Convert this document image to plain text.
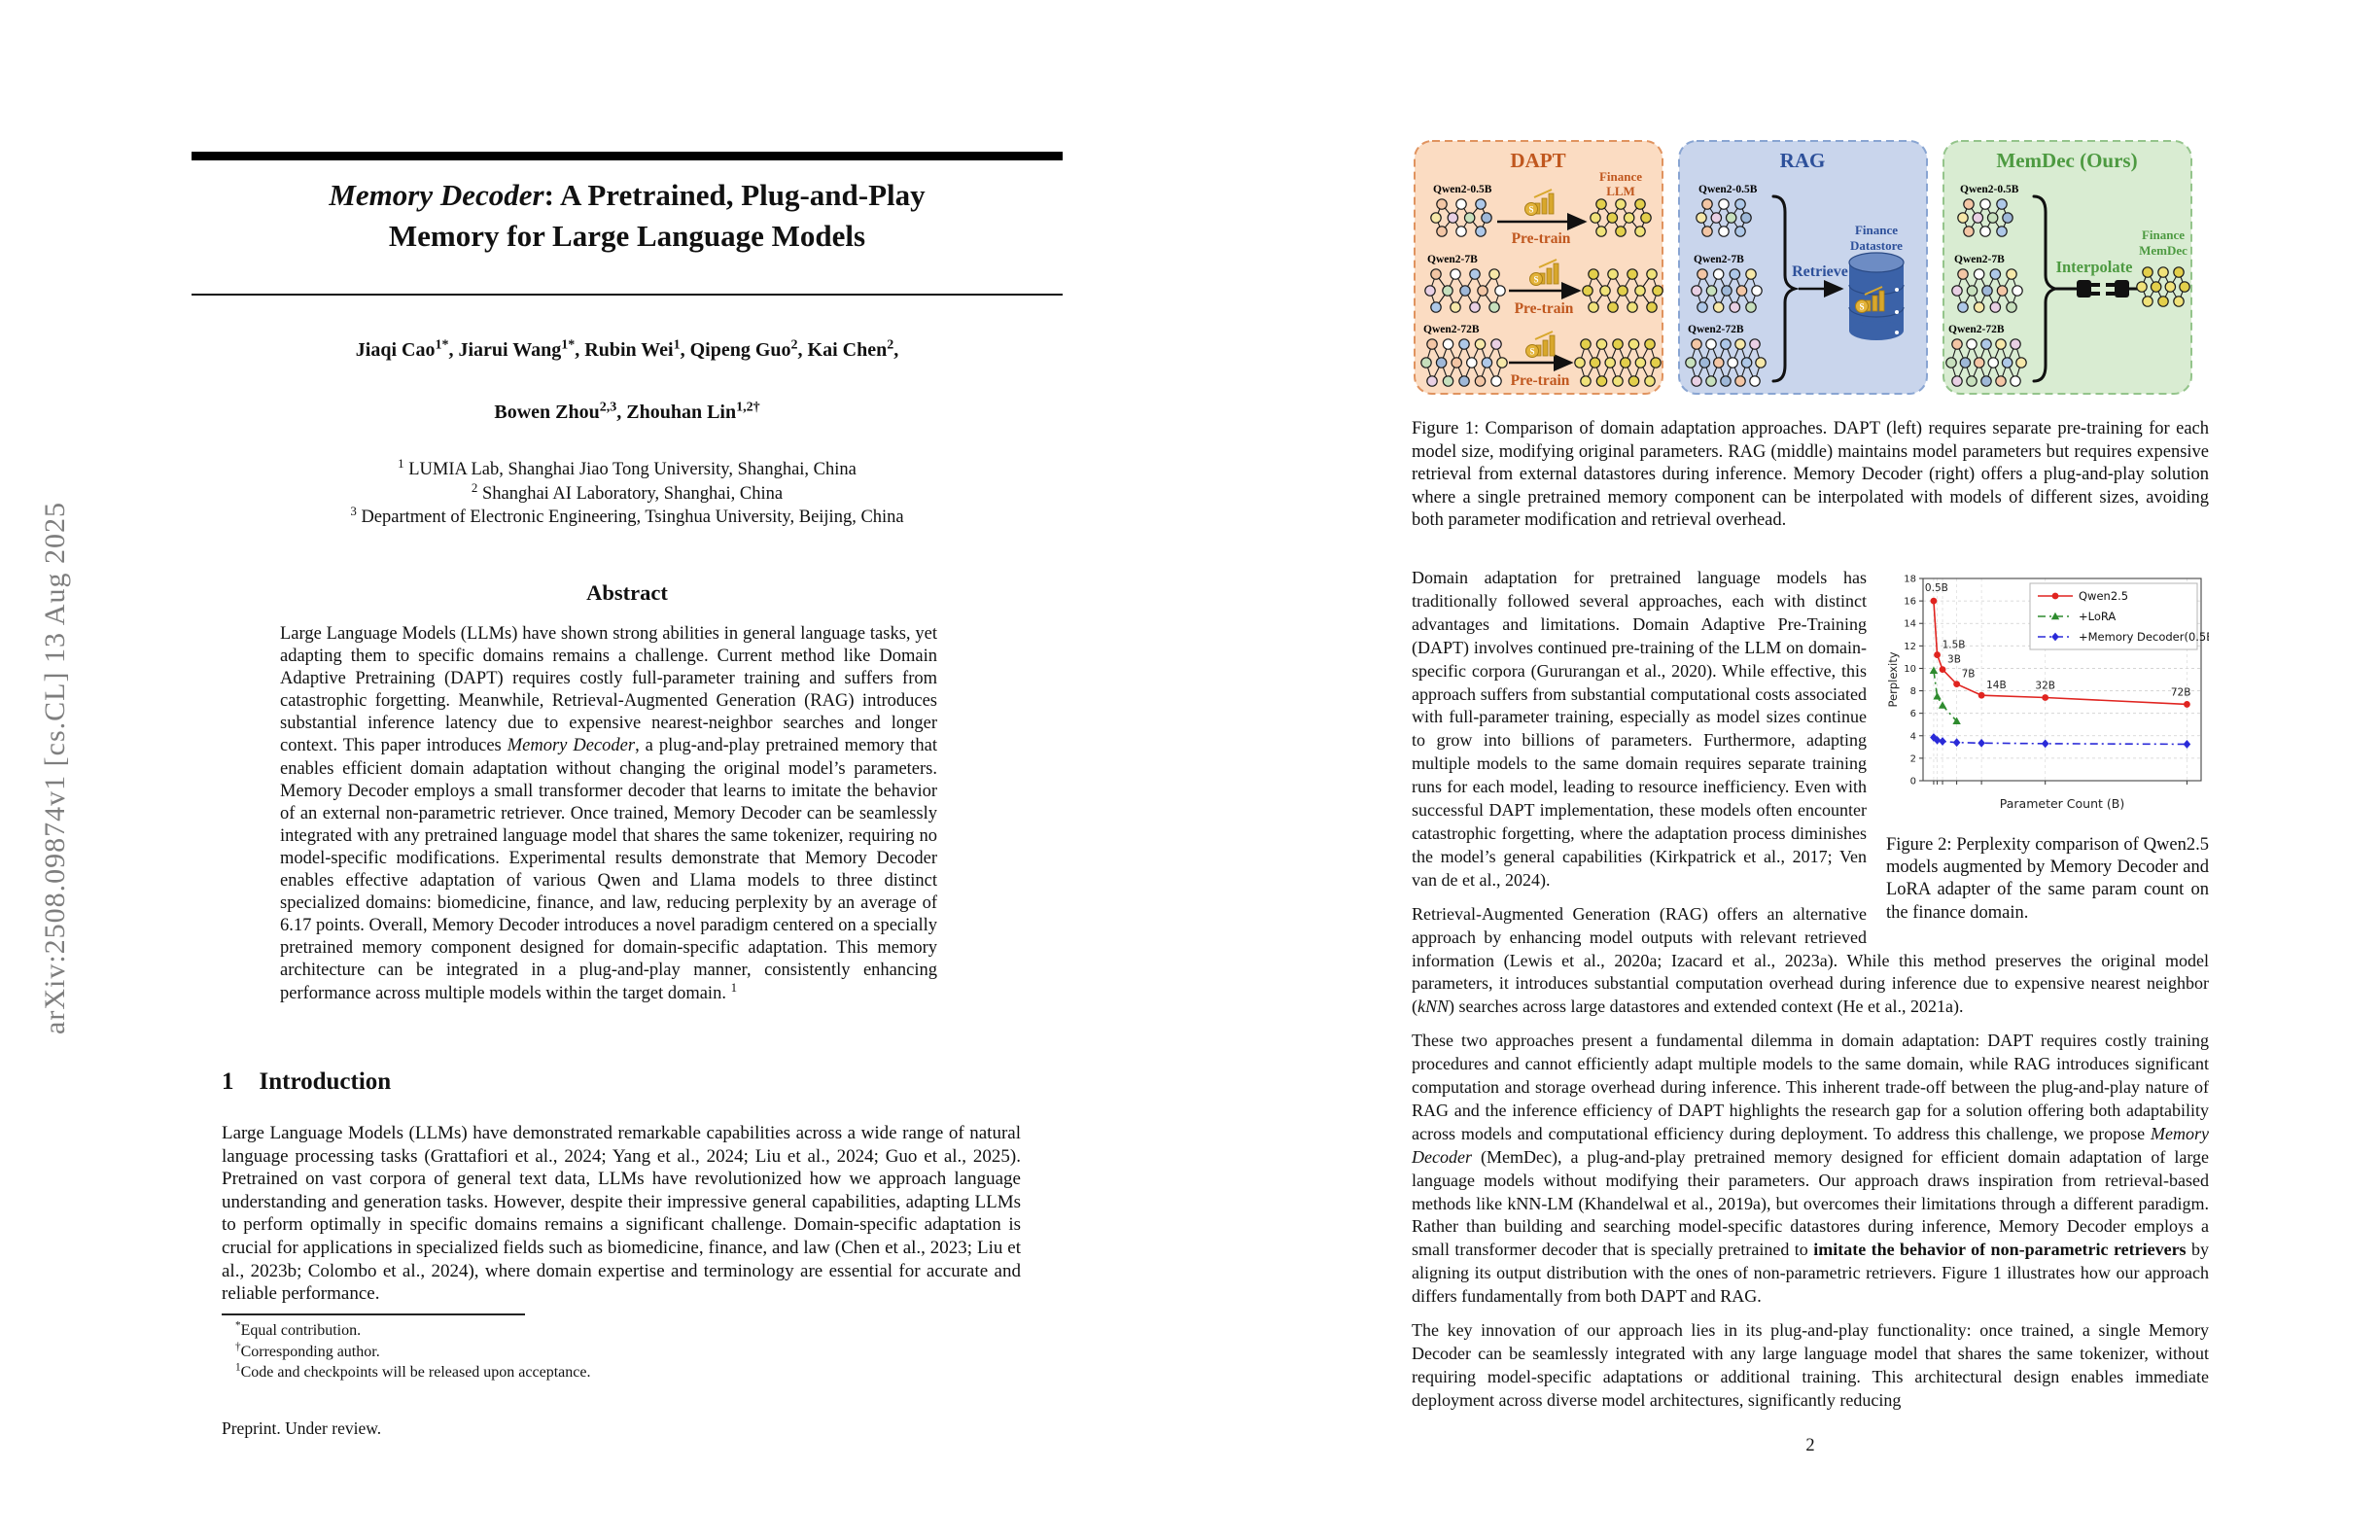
arXiv:2508.09874v1 [cs.CL] 13 Aug 2025
Memory Decoder: A Pretrained, Plug-and-Play
Memory for Large Language Models
Jiaqi Cao$^{1*}$, Jiarui Wang$^{1*}$, Rubin Wei$^1$, Qipeng Guo$^2$, Kai Chen$^2$,
Bowen Zhou$^{2,3}$, Zhouhan Lin$^{1,2\dagger}$
$^1$ LUMIA Lab, Shanghai Jiao Tong University, Shanghai, China
$^2$ Shanghai AI Laboratory, Shanghai, China
$^3$ Department of Electronic Engineering, Tsinghua University, Beijing, China
Abstract
Large Language Models (LLMs) have shown strong abilities in general language tasks, yet adapting them to specific domains remains a challenge. Current method like Domain Adaptive Pretraining (DAPT) requires costly full-parameter training and suffers from catastrophic forgetting. Meanwhile, Retrieval-Augmented Generation (RAG) introduces substantial inference latency due to expensive nearest-neighbor searches and longer context. This paper introduces Memory Decoder, a plug-and-play pretrained memory that enables efficient domain adaptation without changing the original model’s parameters. Memory Decoder employs a small transformer decoder that learns to imitate the behavior of an external non-parametric retriever. Once trained, Memory Decoder can be seamlessly integrated with any pretrained language model that shares the same tokenizer, requiring no model-specific modifications. Experimental results demonstrate that Memory Decoder enables effective adaptation of various Qwen and Llama models to three distinct specialized domains: biomedicine, finance, and law, reducing perplexity by an average of 6.17 points. Overall, Memory Decoder introduces a novel paradigm centered on a specially pretrained memory component designed for domain-specific adaptation. This memory architecture can be integrated in a plug-and-play manner, consistently enhancing performance across multiple models within the target domain. $^1$
1 Introduction
Large Language Models (LLMs) have demonstrated remarkable capabilities across a wide range of natural language processing tasks (Grattafiori et al., 2024; Yang et al., 2024; Liu et al., 2024; Guo et al., 2025). Pretrained on vast corpora of general text data, LLMs have revolutionized how we approach language understanding and generation tasks. However, despite their impressive general capabilities, adapting LLMs to perform optimally in specific domains remains a significant challenge. Domain-specific adaptation is crucial for applications in specialized fields such as biomedicine, finance, and law (Chen et al., 2023; Liu et al., 2023b; Colombo et al., 2024), where domain expertise and terminology are essential for accurate and reliable performance.
*Equal contribution.
†Corresponding author.
$^1$Code and checkpoints will be released upon acceptance.
Preprint. Under review.
DAPT
Finance
LLM
Qwen2-0.5B
Qwen2-7B
Qwen2-72B
Pre-train
Pre-train
Pre-train
RAG
Qwen2-0.5B
Qwen2-7B
Qwen2-72B
Retrieve
Finance
Datastore
MemDec (Ours)
Qwen2-0.5B
Qwen2-7B
Qwen2-72B
Interpolate
Finance
MemDec
Figure 1: Comparison of domain adaptation approaches. DAPT (left) requires separate pre-training for each model size, modifying original parameters. RAG (middle) maintains model parameters but requires expensive retrieval from external datastores during inference. Memory Decoder (right) offers a plug-and-play solution where a single pretrained memory component can be interpolated with models of different sizes, avoiding both parameter modification and retrieval overhead.
0
2
4
6
8
10
12
14
16
18
Perplexity
Parameter Count (B)
0.5B
1.5B
3B
7B
14B	32B
72B
Qwen2.5
+LoRA
+Memory Decoder(0.5B)
Figure 2: Perplexity comparison of Qwen2.5 models augmented by Memory Decoder and LoRA adapter of the same param count on the finance domain.

Domain adaptation for pretrained language models has traditionally followed several approaches, each with distinct advantages and limitations. Domain Adaptive Pre-Training (DAPT) involves continued pre-training of the LLM on domain-specific corpora (Gururangan et al., 2020). While effective, this approach suffers from substantial computational costs associated with full-parameter training, especially as model sizes continue to grow into billions of parameters. Furthermore, adapting multiple models to the same domain requires separate training runs for each model, leading to resource inefficiency. Even with successful DAPT implementation, these models often encounter catastrophic forgetting, where the adaptation process diminishes the model’s general capabilities (Kirkpatrick et al., 2017; Ven van de et al., 2024).

Retrieval-Augmented Generation (RAG) offers an alternative approach by enhancing model outputs with relevant retrieved information (Lewis et al., 2020a; Izacard et al., 2023a). While this method preserves the original model parameters, it introduces substantial computation overhead during inference due to expensive nearest neighbor (kNN) searches across large datastores and extended context (He et al., 2021a).

These two approaches present a fundamental dilemma in domain adaptation: DAPT requires costly training procedures and cannot efficiently adapt multiple models to the same domain, while RAG introduces significant computation and storage overhead during inference. This inherent trade-off between the plug-and-play nature of RAG and the inference efficiency of DAPT highlights the research gap for a solution offering both adaptability across models and computational efficiency during deployment. To address this challenge, we propose Memory Decoder (MemDec), a plug-and-play pretrained memory designed for efficient domain adaptation of large language models without modifying their parameters. Our approach draws inspiration from retrieval-based methods like kNN-LM (Khandelwal et al., 2019a), but overcomes their limitations through a different paradigm. Rather than building and searching model-specific datastores during inference, Memory Decoder employs a small transformer decoder that is specially pretrained to imitate the behavior of non-parametric retrievers by aligning its output distribution with the ones of non-parametric retrievers. Figure 1 illustrates how our approach differs fundamentally from both DAPT and RAG.

The key innovation of our approach lies in its plug-and-play functionality: once trained, a single Memory Decoder can be seamlessly integrated with any large language model that shares the same tokenizer, without requiring model-specific adaptations or additional training. This architectural design enables immediate deployment across diverse model architectures, significantly reducing

2
